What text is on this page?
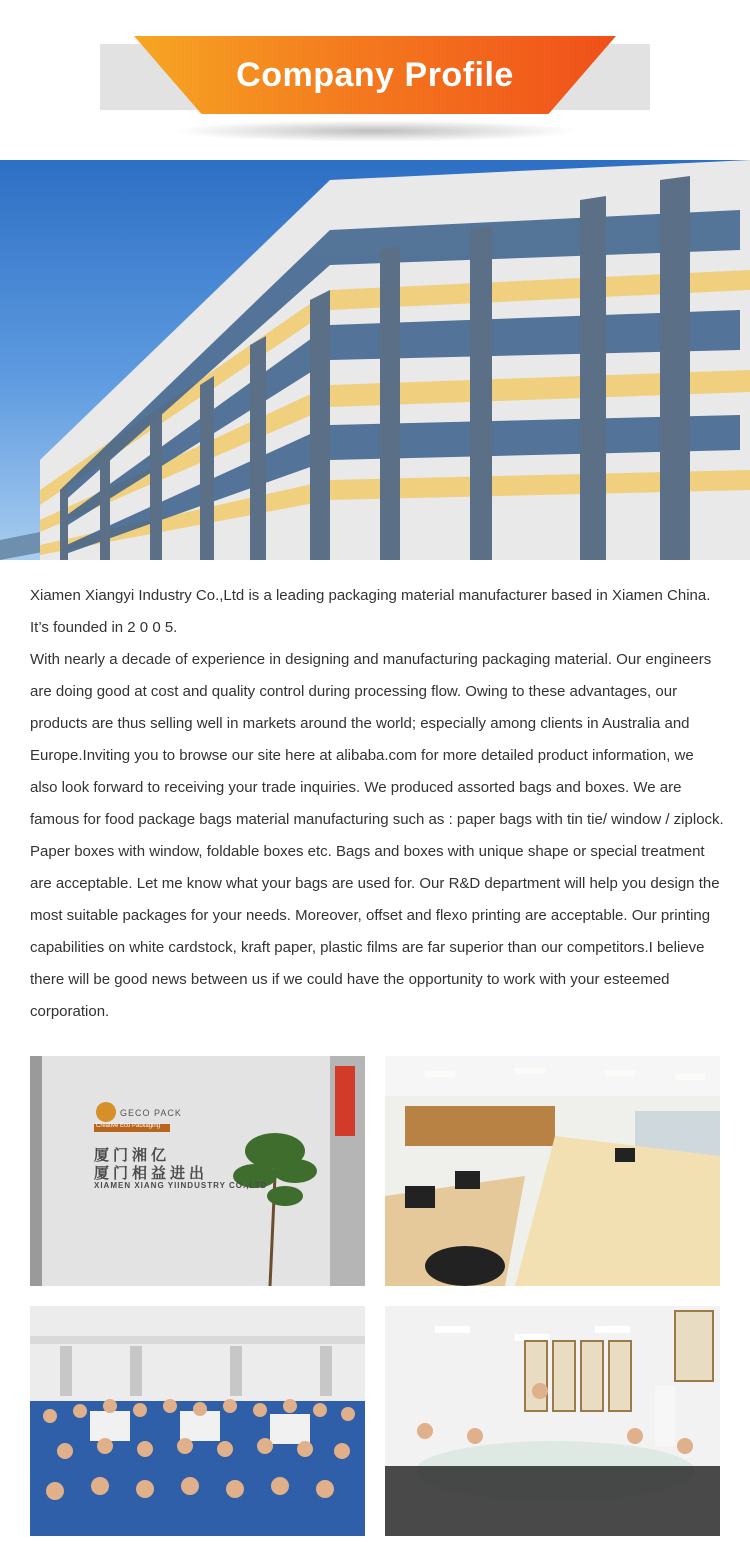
Company Profile

Xiamen Xiangyi Industry Co.,Ltd is a leading packaging material manufacturer based in Xiamen China. It’s founded in 2 0 0 5.

With nearly a decade of experience in designing and manufacturing packaging material. Our engineers are doing good at cost and quality control during processing flow. Owing to these advantages, our products are thus selling well in markets around the world; especially among clients in Australia and Europe.Inviting you to browse our site here at alibaba.com for more detailed product information, we also look forward to receiving your trade inquiries. We produced assorted bags and boxes. We are famous for food package bags material manufacturing such as : paper bags with tin tie/ window / ziplock. Paper boxes with window, foldable boxes etc. Bags and boxes with unique shape or special treatment are acceptable. Let me know what your bags are used for. Our R&D department will help you design the most suitable packages for your needs. Moreover, offset and flexo printing are acceptable. Our printing capabilities on white cardstock, kraft paper, plastic films are far superior than our competitors.I believe there will be good news between us if we could have the opportunity to work with your esteemed corporation.

GECO PACK
Creative Eco Packaging
厦门湘亿
厦门相益进出
XIAMEN XIANG YIINDUSTRY CO.,LTD
